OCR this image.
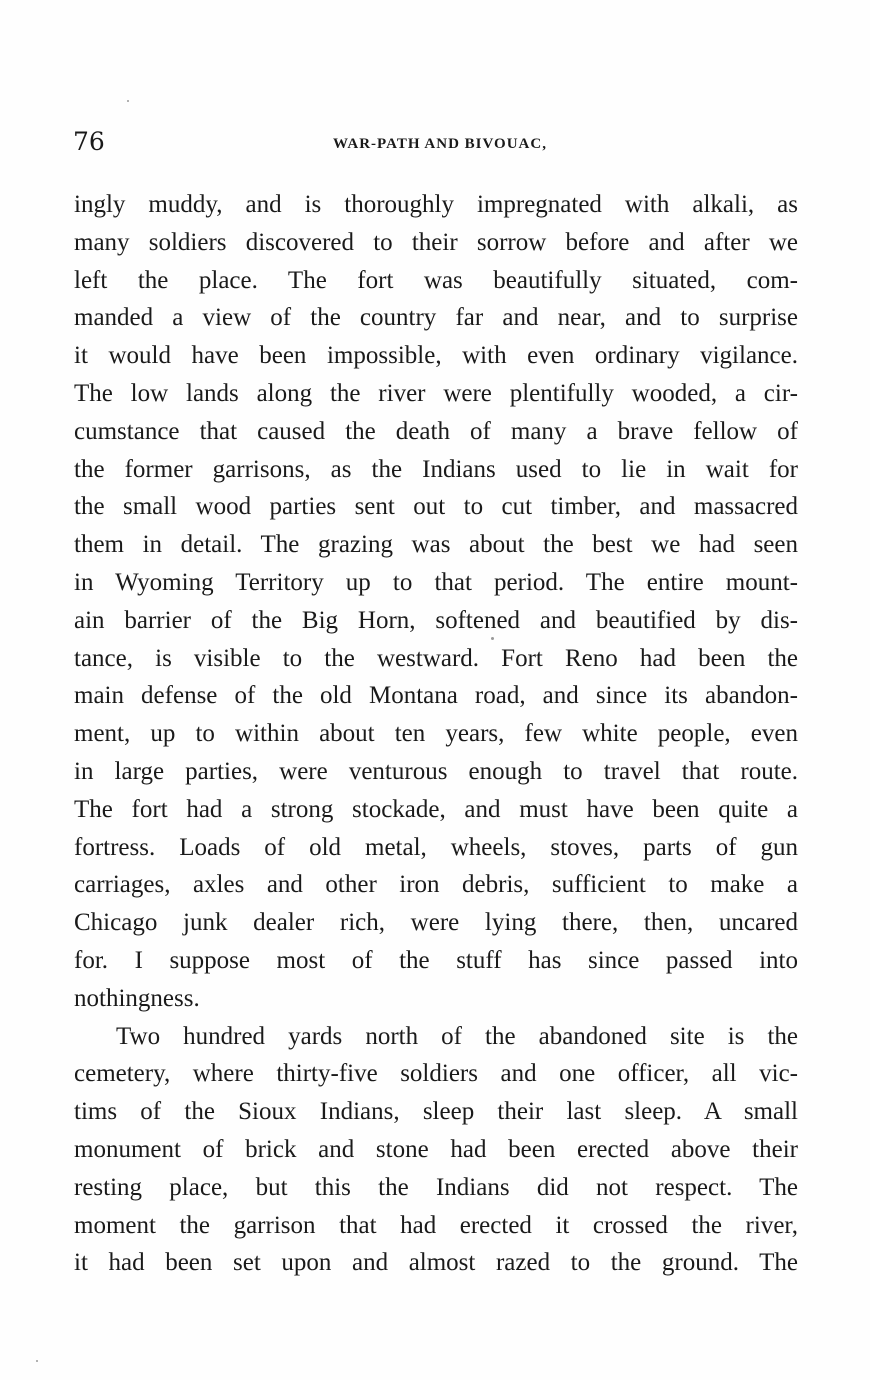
76	WAR-PATH AND BIVOUAC,
ingly muddy, and is thoroughly impregnated with alkali, as
many soldiers discovered to their sorrow before and after we
left the place. The fort was beautifully situated, com-
manded a view of the country far and near, and to surprise
it would have been impossible, with even ordinary vigilance.
The low lands along the river were plentifully wooded, a cir-
cumstance that caused the death of many a brave fellow of
the former garrisons, as the Indians used to lie in wait for
the small wood parties sent out to cut timber, and massacred
them in detail. The grazing was about the best we had seen
in Wyoming Territory up to that period. The entire mount-
ain barrier of the Big Horn, softened and beautified by dis-
tance, is visible to the westward. Fort Reno had been the
main defense of the old Montana road, and since its abandon-
ment, up to within about ten years, few white people, even
in large parties, were venturous enough to travel that route.
The fort had a strong stockade, and must have been quite a
fortress. Loads of old metal, wheels, stoves, parts of gun
carriages, axles and other iron debris, sufficient to make a
Chicago junk dealer rich, were lying there, then, uncared
for. I suppose most of the stuff has since passed into
nothingness.
Two hundred yards north of the abandoned site is the
cemetery, where thirty-five soldiers and one officer, all vic-
tims of the Sioux Indians, sleep their last sleep. A small
monument of brick and stone had been erected above their
resting place, but this the Indians did not respect. The
moment the garrison that had erected it crossed the river,
it had been set upon and almost razed to the ground. The
